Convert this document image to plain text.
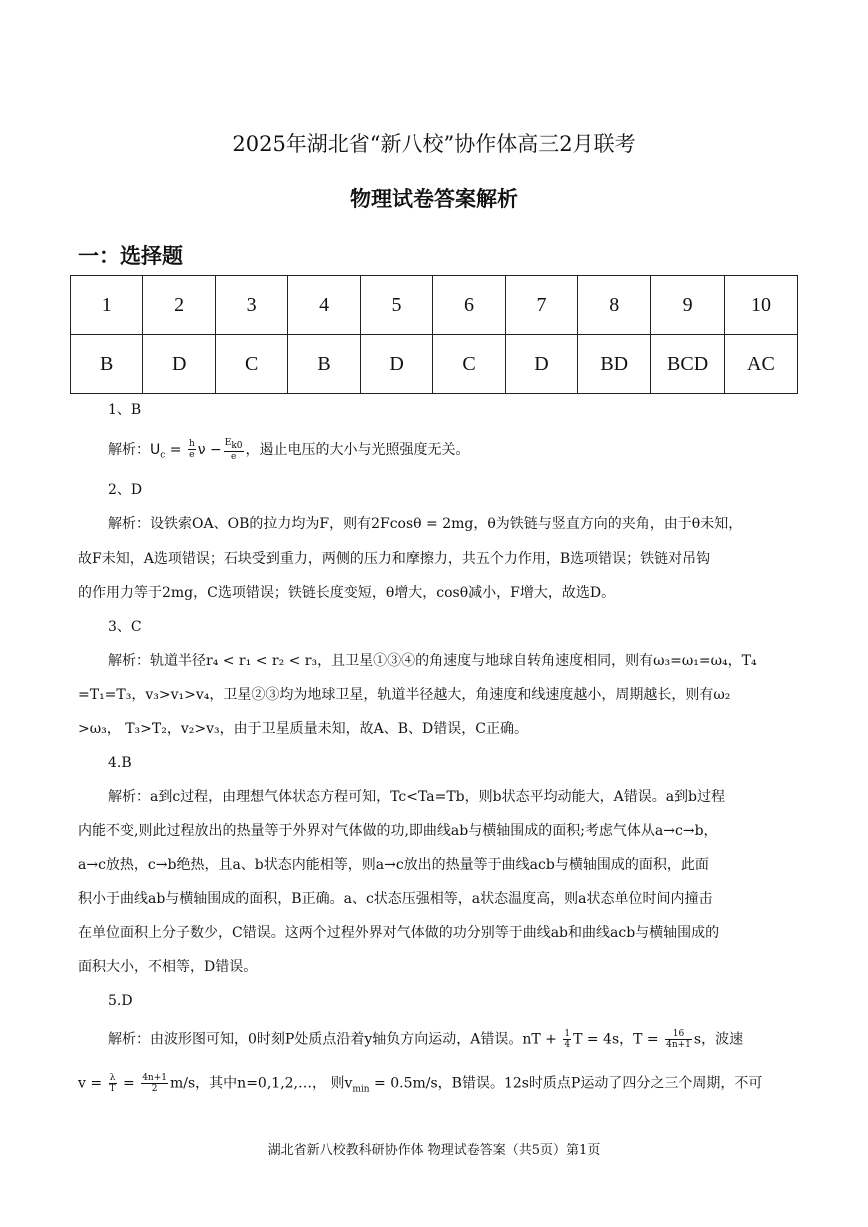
2025年湖北省“新八校”协作体高三2月联考
物理试卷答案解析
一：选择题
1	2	3	4	5	6	7	8	9	10
B	D	C	B	D	C	D	BD	BCD	AC
1、B
解析：$U_c = \frac{h}{e}$ $\nu - \frac{E_{k0}}{e}$ ，遏止电压的大小与光照强度无关。
2、D
解析：设铁索OA、OB的拉力均为F，则有2Fcosθ = 2mg，θ为铁链与竖直方向的夹角，由于θ未知，
故F未知，A选项错误；石块受到重力，两侧的压力和摩擦力，共五个力作用，B选项错误；铁链对吊钩
的作用力等于2mg，C选项错误；铁链长度变短，θ增大，cosθ减小，F增大，故选D。
3、C
解析：轨道半径r₄ < r₁ < r₂ < r₃，且卫星①③④的角速度与地球自转角速度相同，则有ω₃=ω₁=ω₄，T₄
=T₁=T₃，v₃>v₁>v₄，卫星②③均为地球卫星，轨道半径越大，角速度和线速度越小，周期越长，则有ω₂
>ω₃， T₃>T₂，v₂>v₃，由于卫星质量未知，故A、B、D错误，C正确。
4.B
解析：a到c过程，由理想气体状态方程可知，Tc<Ta=Tb，则b状态平均动能大，A错误。a到b过程
内能不变,则此过程放出的热量等于外界对气体做的功,即曲线ab与横轴围成的面积;考虑气体从a→c→b，
a→c放热，c→b绝热，且a、b状态内能相等，则a→c放出的热量等于曲线acb与横轴围成的面积，此面
积小于曲线ab与横轴围成的面积，B正确。a、c状态压强相等，a状态温度高，则a状态单位时间内撞击
在单位面积上分子数少，C错误。这两个过程外界对气体做的功分别等于曲线ab和曲线acb与横轴围成的
面积大小，不相等，D错误。
5.D
解析：由波形图可知，0时刻P处质点沿着y轴负方向运动，A错误。nT + $\frac{1}{4}$ T = 4s，$T = \frac{16}{4n+1}$ s，波速
$v = \frac{\lambda}{T} = \frac{4n+1}{2} m/s$，其中n=0,1,2,…， 则$v_{min} = 0.5m/s$，B错误。12s时质点P运动了四分之三个周期，不可
湖北省新八校教科研协作体 物理试卷答案（共5页）第1页
